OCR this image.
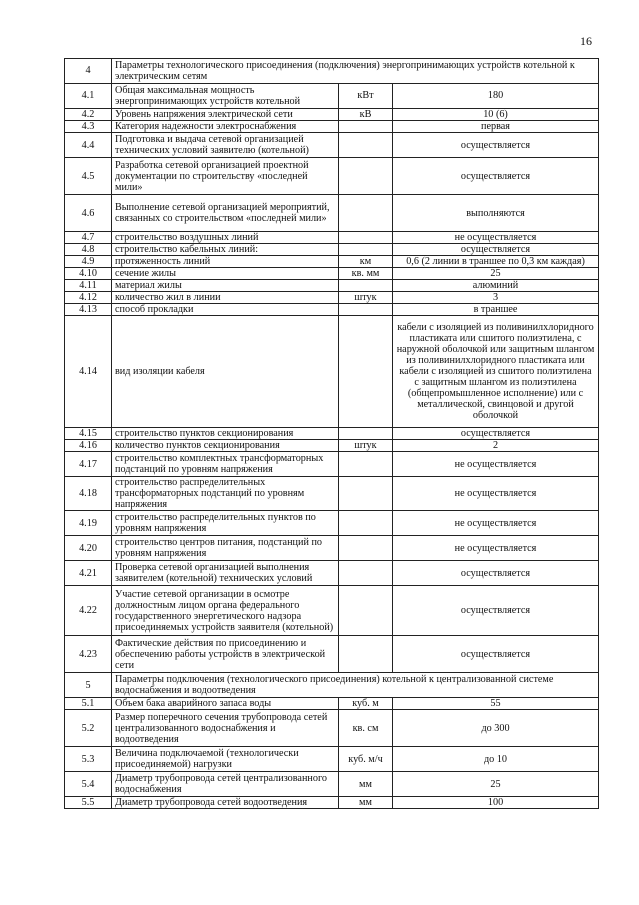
16
4	Параметры технологического присоединения (подключения) энергопринимающих устройств котельной к электрическим сетям		
4.1	Общая максимальная мощность энергопринимающих устройств котельной	кВт	180
4.2	Уровень напряжения электрической сети	кВ	10 (6)
4.3	Категория надежности электроснабжения		первая
4.4	Подготовка и выдача сетевой организацией технических условий заявителю (котельной)		осуществляется
4.5	Разработка сетевой организацией проектной документации по строительству «последней мили»		осуществляется
4.6	Выполнение сетевой организацией мероприятий, связанных со строительством «последней мили»		выполняются
4.7	строительство воздушных линий		не осуществляется
4.8	строительство кабельных линий:		осуществляется
4.9	протяженность линий	км	0,6 (2 линии в траншее по 0,3 км каждая)
4.10	сечение жилы	кв. мм	25
4.11	материал жилы		алюминий
4.12	количество жил в линии	штук	3
4.13	способ прокладки		в траншее
4.14	вид изоляции кабеля		кабели с изоляцией из поливинилхлоридного пластиката или сшитого полиэтилена, с наружной оболочкой или защитным шлангом из поливинилхлоридного пластиката или кабели с изоляцией из сшитого полиэтилена с защитным шлангом из полиэтилена (общепромышленное исполнение) или с металлической, свинцовой и другой оболочкой
4.15	строительство пунктов секционирования		осуществляется
4.16	количество пунктов секционирования	штук	2
4.17	строительство комплектных трансформаторных подстанций по уровням напряжения		не осуществляется
4.18	строительство распределительных трансформаторных подстанций по уровням напряжения		не осуществляется
4.19	строительство распределительных пунктов по уровням напряжения		не осуществляется
4.20	строительство центров питания, подстанций по уровням напряжения		не осуществляется
4.21	Проверка сетевой организацией выполнения заявителем (котельной) технических условий		осуществляется
4.22	Участие сетевой организации в осмотре должностным лицом органа федерального государственного энергетического надзора присоединяемых устройств заявителя (котельной)		осуществляется
4.23	Фактические действия по присоединению и обеспечению работы устройств в электрической сети		осуществляется
5	Параметры подключения (технологического присоединения) котельной к централизованной системе водоснабжения и водоотведения		
5.1	Объем бака аварийного запаса воды	куб. м	55
5.2	Размер поперечного сечения трубопровода сетей централизованного водоснабжения и водоотведения	кв. см	до 300
5.3	Величина подключаемой (технологически присоединяемой) нагрузки	куб. м/ч	до 10
5.4	Диаметр трубопровода сетей централизованного водоснабжения	мм	25
5.5	Диаметр трубопровода сетей водоотведения	мм	100
